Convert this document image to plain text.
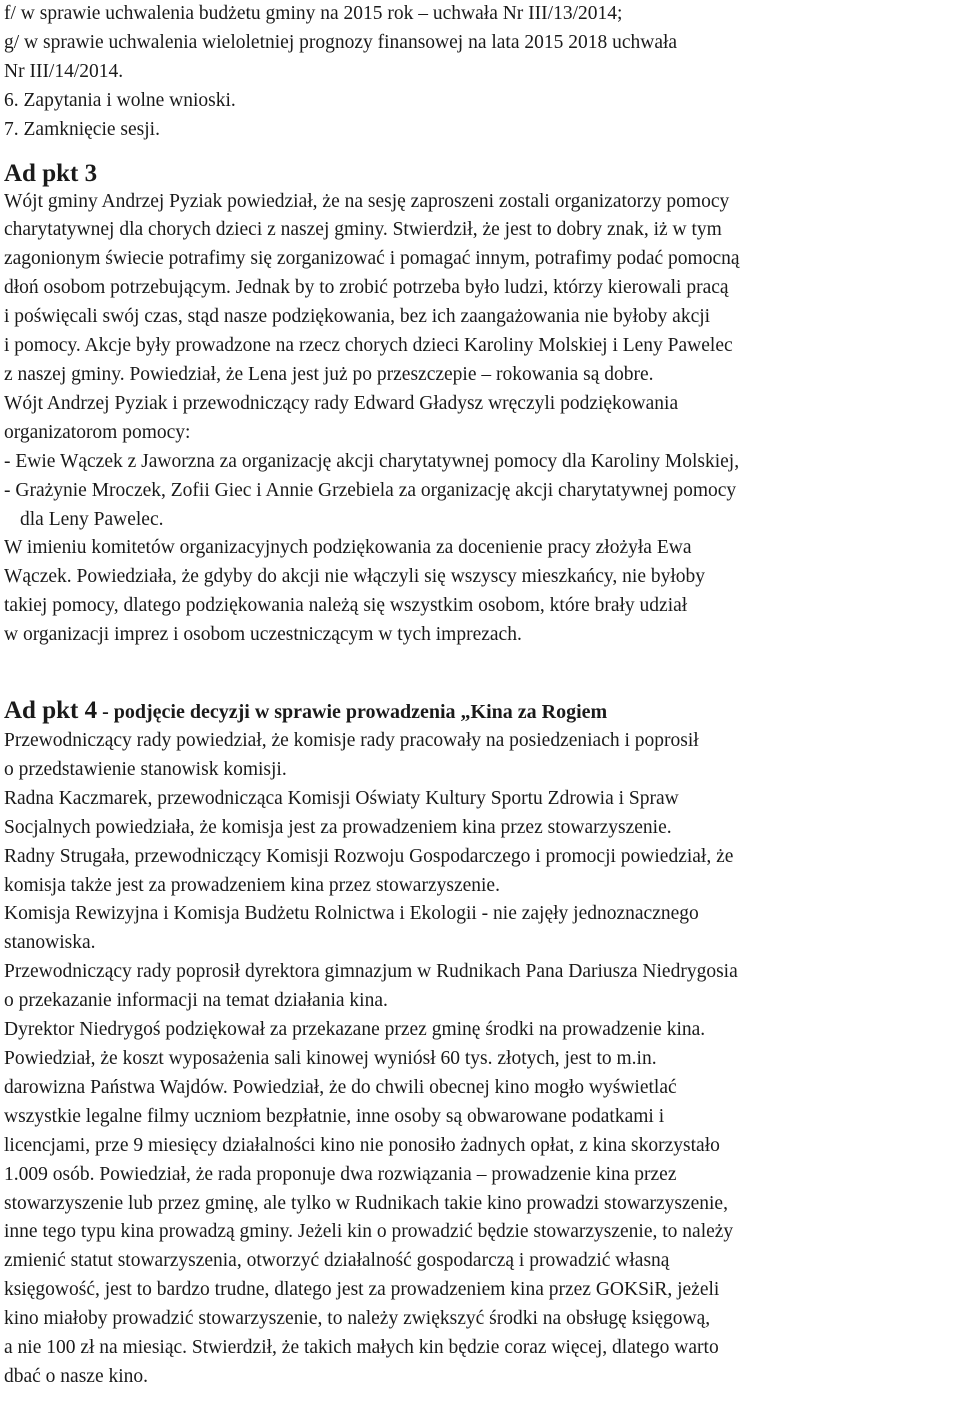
f/ w sprawie uchwalenia budżetu gminy na 2015 rok – uchwała Nr III/13/2014;
g/ w sprawie uchwalenia wieloletniej prognozy finansowej na lata 2015 2018 uchwała
Nr III/14/2014.
6. Zapytania i wolne wnioski.
7. Zamknięcie sesji.
Ad pkt 3
Wójt gminy Andrzej Pyziak powiedział, że na sesję zaproszeni zostali organizatorzy pomocy
charytatywnej dla chorych dzieci z naszej gminy. Stwierdził, że jest to dobry znak, iż w tym
zagonionym świecie potrafimy się zorganizować i pomagać innym, potrafimy podać pomocną
dłoń osobom potrzebującym. Jednak by to zrobić potrzeba było ludzi, którzy kierowali pracą
i poświęcali swój czas, stąd nasze podziękowania, bez ich zaangażowania nie byłoby akcji
i pomocy. Akcje były prowadzone na rzecz chorych dzieci Karoliny Molskiej i Leny Pawelec
z naszej gminy. Powiedział, że Lena jest już po przeszczepie – rokowania są dobre.
Wójt Andrzej Pyziak i przewodniczący rady Edward Gładysz wręczyli podziękowania
organizatorom pomocy:
- Ewie Wączek z Jaworzna za organizację akcji charytatywnej pomocy dla Karoliny Molskiej,
- Grażynie Mroczek, Zofii Giec i Annie Grzebiela za organizację akcji charytatywnej pomocy
dla Leny Pawelec.
W imieniu komitetów organizacyjnych podziękowania za docenienie pracy złożyła Ewa
Wączek. Powiedziała, że gdyby do akcji nie włączyli się wszyscy mieszkańcy, nie byłoby
takiej pomocy, dlatego podziękowania należą się wszystkim osobom, które brały udział
w organizacji imprez i osobom uczestniczącym w tych imprezach.
Ad pkt 4 - podjęcie decyzji w sprawie prowadzenia „Kina za Rogiem
Przewodniczący rady powiedział, że komisje rady pracowały na posiedzeniach i poprosił
o przedstawienie stanowisk komisji.
Radna Kaczmarek, przewodnicząca Komisji Oświaty Kultury Sportu Zdrowia i Spraw
Socjalnych powiedziała, że komisja jest za prowadzeniem kina przez stowarzyszenie.
Radny Strugała, przewodniczący Komisji Rozwoju Gospodarczego i promocji powiedział, że
komisja także jest za prowadzeniem kina przez stowarzyszenie.
Komisja Rewizyjna i Komisja Budżetu Rolnictwa i Ekologii - nie zajęły jednoznacznego
stanowiska.
Przewodniczący rady poprosił dyrektora gimnazjum w Rudnikach Pana Dariusza Niedrygosia
o przekazanie informacji na temat działania kina.
Dyrektor Niedrygoś podziękował za przekazane przez gminę środki na prowadzenie kina.
Powiedział, że koszt wyposażenia sali kinowej wyniósł 60 tys. złotych, jest to m.in.
darowizna Państwa Wajdów. Powiedział, że do chwili obecnej kino mogło wyświetlać
wszystkie legalne filmy uczniom bezpłatnie, inne osoby są obwarowane podatkami i
licencjami, prze 9 miesięcy działalności kino nie ponosiło żadnych opłat, z kina skorzystało
1.009 osób. Powiedział, że rada proponuje dwa rozwiązania – prowadzenie kina przez
stowarzyszenie lub przez gminę, ale tylko w Rudnikach takie kino prowadzi stowarzyszenie,
inne tego typu kina prowadzą gminy. Jeżeli kin o prowadzić będzie stowarzyszenie, to należy
zmienić statut stowarzyszenia, otworzyć działalność gospodarczą i prowadzić własną
księgowość, jest to bardzo trudne, dlatego jest za prowadzeniem kina przez GOKSiR, jeżeli
kino miałoby prowadzić stowarzyszenie, to należy zwiększyć środki na obsługę księgową,
a nie 100 zł na miesiąc. Stwierdził, że takich małych kin będzie coraz więcej, dlatego warto
dbać o nasze kino.
